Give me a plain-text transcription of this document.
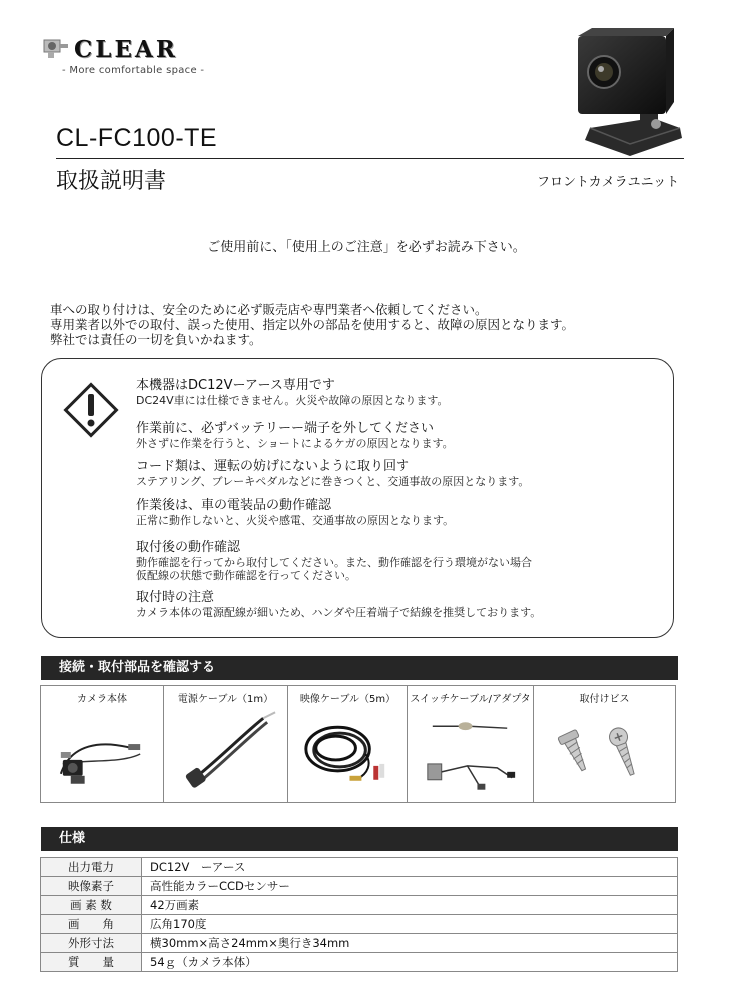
CLEAR
- More comfortable space -
CL-FC100-TE
取扱説明書	フロントカメラユニット
ご使用前に、「使用上のご注意」を必ずお読み下さい。
車への取り付けは、安全のために必ず販売店や専門業者へ依頼してください。
専用業者以外での取付、誤った使用、指定以外の部品を使用すると、故障の原因となります。
弊社では責任の一切を負いかねます。
本機器はDC12Vーアース専用です
DC24V車には仕様できません。火災や故障の原因となります。
作業前に、必ずバッテリーー端子を外してください
外さずに作業を行うと、ショートによるケガの原因となります。
コード類は、運転の妨げにないように取り回す
ステアリング、ブレーキペダルなどに巻きつくと、交通事故の原因となります。
作業後は、車の電装品の動作確認
正常に動作しないと、火災や感電、交通事故の原因となります。
取付後の動作確認
動作確認を行ってから取付してください。また、動作確認を行う環境がない場合
仮配線の状態で動作確認を行ってください。
取付時の注意
カメラ本体の電源配線が細いため、ハンダや圧着端子で結線を推奨しております。
接続・取付部品を確認する
カメラ本体	電源ケーブル（1m）	映像ケーブル（5m）	スイッチケーブル/アダプタ	取付けビス
仕様
出力電力	DC12V　ーアース
映像素子	高性能カラーCCDセンサー
画 素 数	42万画素
画　　角	広角170度
外形寸法	横30mm×高さ24mm×奥行き34mm
質　　量	54ｇ（カメラ本体）
